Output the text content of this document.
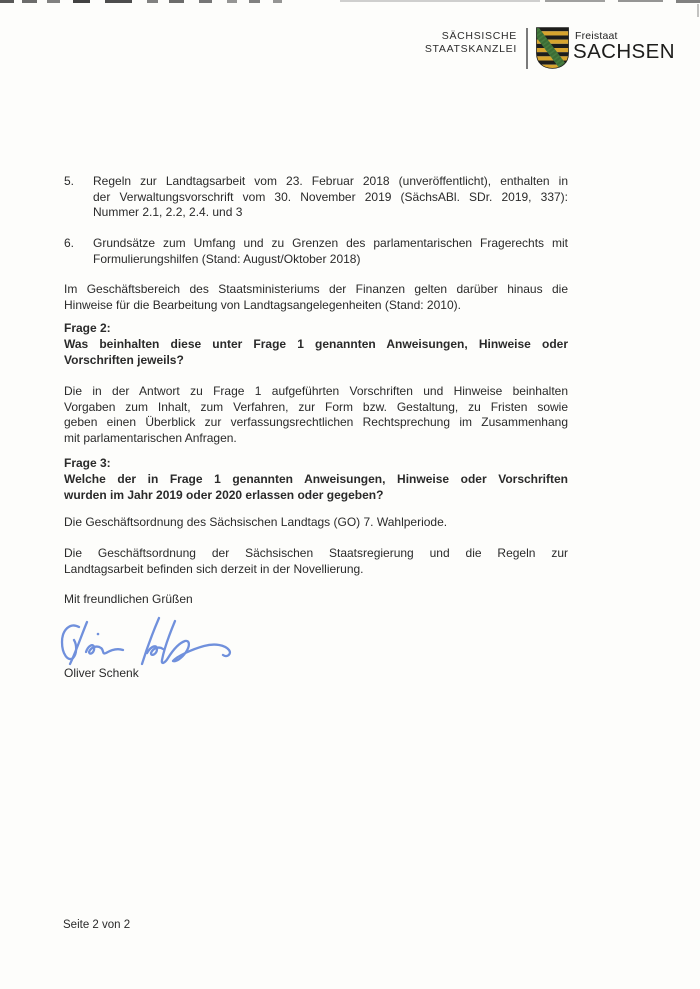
SÄCHSISCHE
STAATSKANZLEI
Freistaat
SACHSEN
5.	Regeln zur Landtagsarbeit vom 23. Februar 2018 (unveröffentlicht), enthalten in
der Verwaltungsvorschrift vom 30. November 2019 (SächsABl. SDr. 2019, 337):
Nummer 2.1, 2.2, 2.4. und 3
6.	Grundsätze zum Umfang und zu Grenzen des parlamentarischen Fragerechts mit
Formulierungshilfen (Stand: August/Oktober 2018)
Im Geschäftsbereich des Staatsministeriums der Finanzen gelten darüber hinaus die
Hinweise für die Bearbeitung von Landtagsangelegenheiten (Stand: 2010).
Frage 2:
Was beinhalten diese unter Frage 1 genannten Anweisungen, Hinweise oder
Vorschriften jeweils?
Die in der Antwort zu Frage 1 aufgeführten Vorschriften und Hinweise beinhalten
Vorgaben zum Inhalt, zum Verfahren, zur Form bzw. Gestaltung, zu Fristen sowie
geben einen Überblick zur verfassungsrechtlichen Rechtsprechung im Zusammenhang
mit parlamentarischen Anfragen.
Frage 3:
Welche der in Frage 1 genannten Anweisungen, Hinweise oder Vorschriften
wurden im Jahr 2019 oder 2020 erlassen oder gegeben?
Die Geschäftsordnung des Sächsischen Landtags (GO) 7. Wahlperiode.
Die Geschäftsordnung der Sächsischen Staatsregierung und die Regeln zur
Landtagsarbeit befinden sich derzeit in der Novellierung.
Mit freundlichen Grüßen
Oliver Schenk
Seite 2 von 2
